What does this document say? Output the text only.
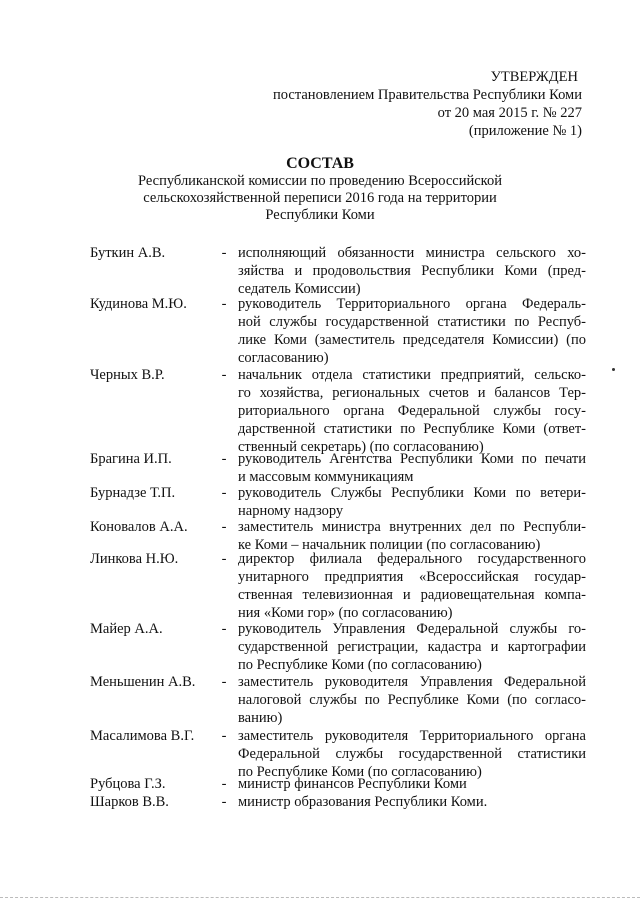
УТВЕРЖДЕН
постановлением Правительства Республики Коми
от 20 мая 2015 г. № 227
(приложение № 1)
СОСТАВ
Республиканской комиссии по проведению Всероссийской
сельскохозяйственной переписи 2016 года на территории
Республики Коми
Буткин А.В.	- исполняющий обязанности министра сельского хо-
зяйства и продовольствия Республики Коми (пред-
седатель Комиссии)
Кудинова М.Ю.	- руководитель Территориального органа Федераль-
ной службы государственной статистики по Респуб-
лике Коми (заместитель председателя Комиссии) (по
согласованию)
Черных В.Р.	- начальник отдела статистики предприятий, сельско-
го хозяйства, региональных счетов и балансов Тер-
риториального органа Федеральной службы госу-
дарственной статистики по Республике Коми (ответ-
ственный секретарь) (по согласованию)
Брагина И.П.	- руководитель Агентства Республики Коми по печати
и массовым коммуникациям
Бурнадзе Т.П.	- руководитель Службы Республики Коми по ветери-
нарному надзору
Коновалов А.А.	- заместитель министра внутренних дел по Республи-
ке Коми – начальник полиции (по согласованию)
Линкова Н.Ю.	- директор филиала федерального государственного
унитарного предприятия «Всероссийская государ-
ственная телевизионная и радиовещательная компа-
ния «Коми гор» (по согласованию)
Майер А.А.	- руководитель Управления Федеральной службы го-
сударственной регистрации, кадастра и картографии
по Республике Коми (по согласованию)
Меньшенин А.В.	- заместитель руководителя Управления Федеральной
налоговой службы по Республике Коми (по согласо-
ванию)
Масалимова В.Г.	- заместитель руководителя Территориального органа
Федеральной службы государственной статистики
по Республике Коми (по согласованию)
Рубцова Г.З.	- министр финансов Республики Коми
Шарков В.В.	- министр образования Республики Коми.
